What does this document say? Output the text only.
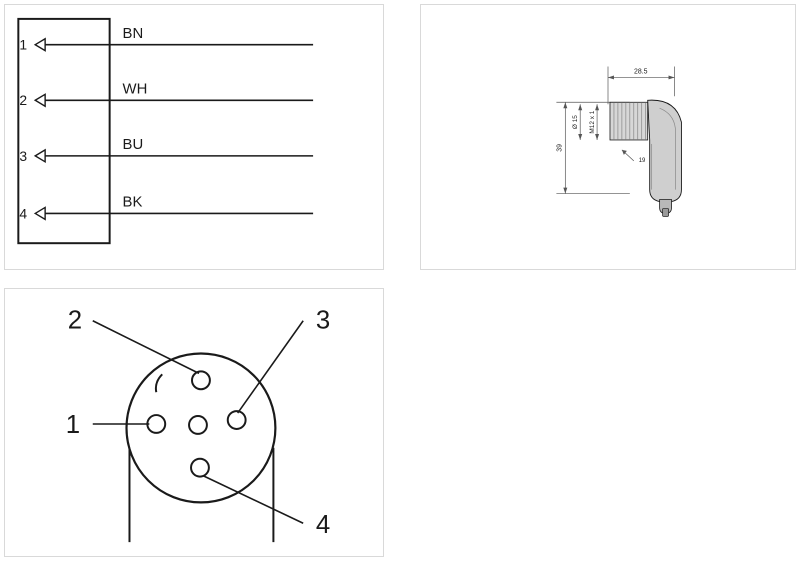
1
BN
2
WH
3
BU
4
BK
28.5
39
Ø 15 M12 x 1
19
2	3
1
4
